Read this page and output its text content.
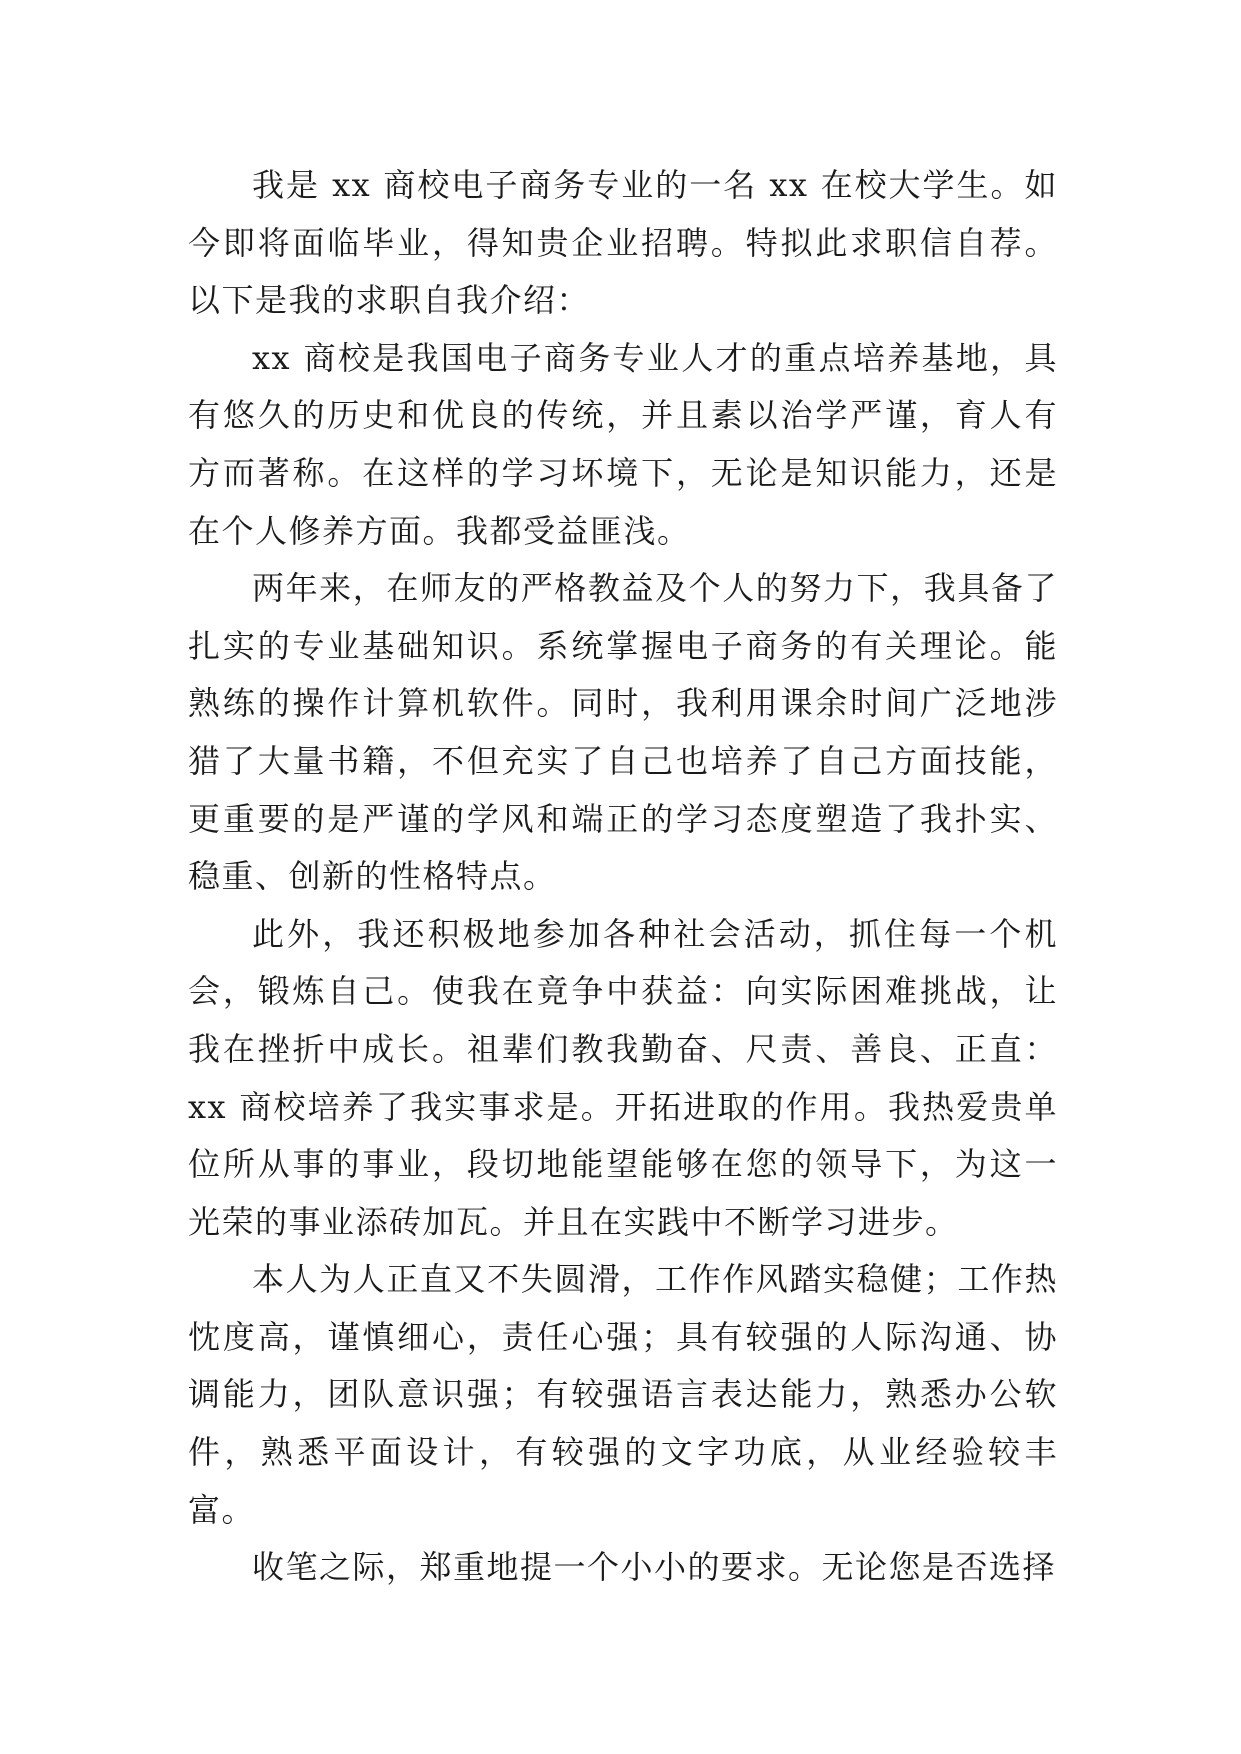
我是 xx 商校电子商务专业的一名 xx 在校大学生。如今即将面临毕业，得知贵企业招聘。特拟此求职信自荐。以下是我的求职自我介绍：

xx 商校是我国电子商务专业人才的重点培养基地，具有悠久的历史和优良的传统，并且素以治学严谨，育人有方而著称。在这样的学习坏境下，无论是知识能力，还是在个人修养方面。我都受益匪浅。

两年来，在师友的严格教益及个人的努力下，我具备了扎实的专业基础知识。系统掌握电子商务的有关理论。能熟练的操作计算机软件。同时，我利用课余时间广泛地涉猎了大量书籍，不但充实了自己也培养了自己方面技能，更重要的是严谨的学风和端正的学习态度塑造了我扑实、稳重、创新的性格特点。

此外，我还积极地参加各种社会活动，抓住每一个机会，锻炼自己。使我在竟争中获益：向实际困难挑战，让我在挫折中成长。祖辈们教我勤奋、尺责、善良、正直：xx 商校培养了我实事求是。开拓进取的作用。我热爱贵单位所从事的事业，段切地能望能够在您的领导下，为这一光荣的事业添砖加瓦。并且在实践中不断学习进步。

本人为人正直又不失圆滑，工作作风踏实稳健；工作热忱度高，谨慎细心，责任心强；具有较强的人际沟通、协调能力，团队意识强；有较强语言表达能力，熟悉办公软件，熟悉平面设计，有较强的文字功底，从业经验较丰富。

收笔之际，郑重地提一个小小的要求。无论您是否选择
